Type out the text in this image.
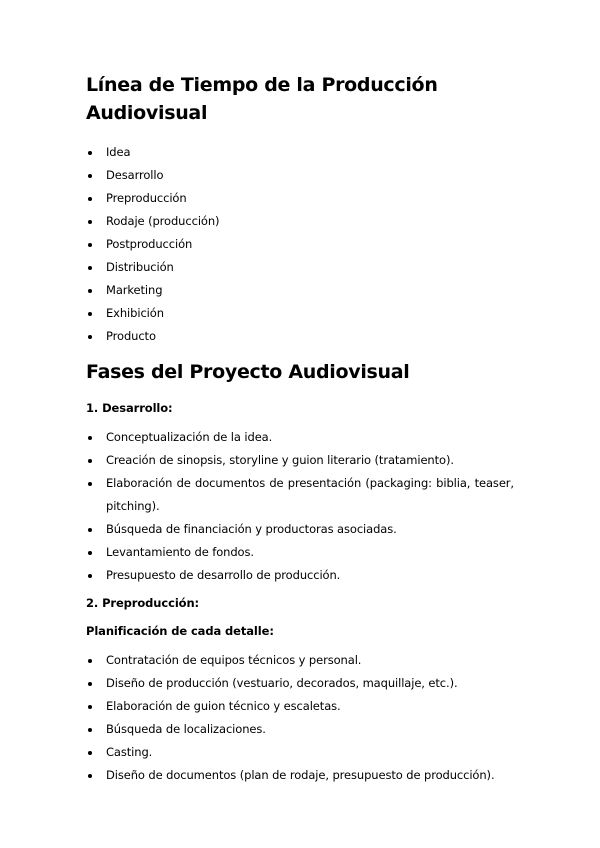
Línea de Tiempo de la Producción Audiovisual
Idea
Desarrollo
Preproducción
Rodaje (producción)
Postproducción
Distribución
Marketing
Exhibición
Producto
Fases del Proyecto Audiovisual
1. Desarrollo:
Conceptualización de la idea.
Creación de sinopsis, storyline y guion literario (tratamiento).
Elaboración de documentos de presentación (packaging: biblia, teaser, pitching).
Búsqueda de financiación y productoras asociadas.
Levantamiento de fondos.
Presupuesto de desarrollo de producción.
2. Preproducción:
Planificación de cada detalle:
Contratación de equipos técnicos y personal.
Diseño de producción (vestuario, decorados, maquillaje, etc.).
Elaboración de guion técnico y escaletas.
Búsqueda de localizaciones.
Casting.
Diseño de documentos (plan de rodaje, presupuesto de producción).
